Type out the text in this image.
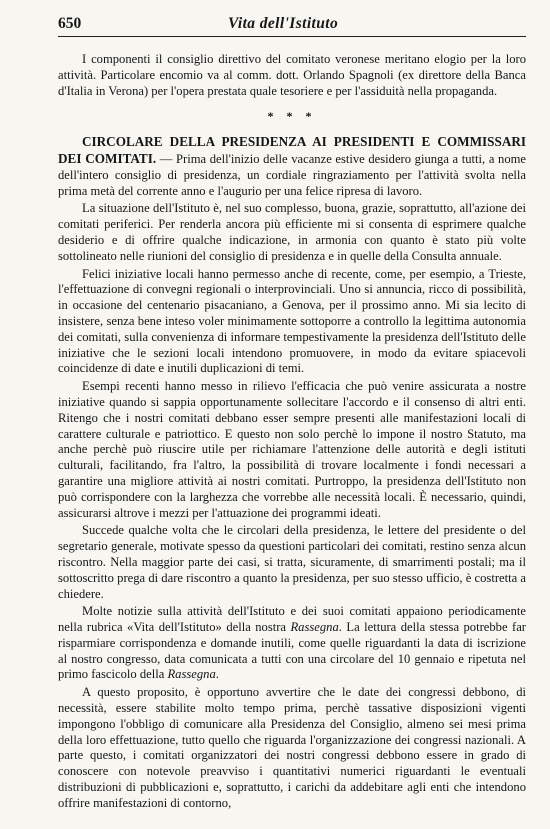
650	Vita dell'Istituto

I componenti il consiglio direttivo del comitato veronese meritano elogio per la loro attività. Particolare encomio va al comm. dott. Orlando Spagnoli (ex direttore della Banca d'Italia in Verona) per l'opera prestata quale tesoriere e per l'assiduità nella propaganda.

* * *

CIRCOLARE DELLA PRESIDENZA AI PRESIDENTI E COMMISSARI DEI COMITATI. — Prima dell'inizio delle vacanze estive desidero giunga a tutti, a nome dell'intero consiglio di presidenza, un cordiale ringraziamento per l'attività svolta nella prima metà del corrente anno e l'augurio per una felice ripresa di lavoro.

La situazione dell'Istituto è, nel suo complesso, buona, grazie, soprattutto, all'azione dei comitati periferici. Per renderla ancora più efficiente mi si consenta di esprimere qualche desiderio e di offrire qualche indicazione, in armonia con quanto è stato più volte sottolineato nelle riunioni del consiglio di presidenza e in quelle della Consulta annuale.

Felici iniziative locali hanno permesso anche di recente, come, per esempio, a Trieste, l'effettuazione di convegni regionali o interprovinciali. Uno si annuncia, ricco di possibilità, in occasione del centenario pisacaniano, a Genova, per il prossimo anno. Mi sia lecito di insistere, senza bene inteso voler minimamente sottoporre a controllo la legittima autonomia dei comitati, sulla convenienza di informare tempestivamente la presidenza dell'Istituto delle iniziative che le sezioni locali intendono promuovere, in modo da evitare spiacevoli coincidenze di date e inutili duplicazioni di temi.

Esempi recenti hanno messo in rilievo l'efficacia che può venire assicurata a nostre iniziative quando si sappia opportunamente sollecitare l'accordo e il consenso di altri enti. Ritengo che i nostri comitati debbano esser sempre presenti alle manifestazioni locali di carattere culturale e patriottico. E questo non solo perchè lo impone il nostro Statuto, ma anche perchè può riuscire utile per richiamare l'attenzione delle autorità e degli istituti culturali, facilitando, fra l'altro, la possibilità di trovare localmente i fondi necessari a garantire una migliore attività ai nostri comitati. Purtroppo, la presidenza dell'Istituto non può corrispondere con la larghezza che vorrebbe alle necessità locali. È necessario, quindi, assicurarsi altrove i mezzi per l'attuazione dei programmi ideati.

Succede qualche volta che le circolari della presidenza, le lettere del presidente o del segretario generale, motivate spesso da questioni particolari dei comitati, restino senza alcun riscontro. Nella maggior parte dei casi, si tratta, sicuramente, di smarrimenti postali; ma il sottoscritto prega di dare riscontro a quanto la presidenza, per suo stesso ufficio, è costretta a chiedere.

Molte notizie sulla attività dell'Istituto e dei suoi comitati appaiono periodicamente nella rubrica «Vita dell'Istituto» della nostra Rassegna. La lettura della stessa potrebbe far risparmiare corrispondenza e domande inutili, come quelle riguardanti la data di iscrizione al nostro congresso, data comunicata a tutti con una circolare del 10 gennaio e ripetuta nel primo fascicolo della Rassegna.

A questo proposito, è opportuno avvertire che le date dei congressi debbono, di necessità, essere stabilite molto tempo prima, perchè tassative disposizioni vigenti impongono l'obbligo di comunicare alla Presidenza del Consiglio, almeno sei mesi prima della loro effettuazione, tutto quello che riguarda l'organizzazione dei congressi nazionali. A parte questo, i comitati organizzatori dei nostri congressi debbono essere in grado di conoscere con notevole preavviso i quantitativi numerici riguardanti le eventuali distribuzioni di pubblicazioni e, soprattutto, i carichi da addebitare agli enti che intendono offrire manifestazioni di contorno,
